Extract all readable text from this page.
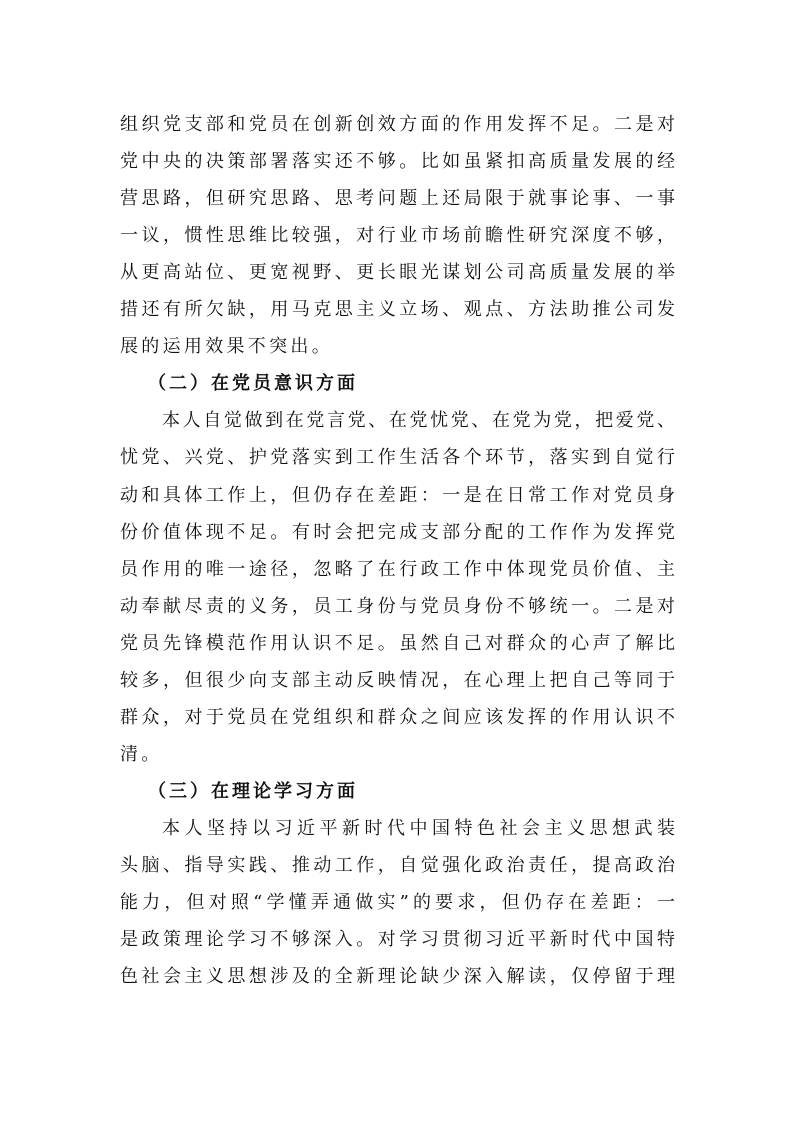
组织党支部和党员在创新创效方面的作用发挥不足。二是对
党中央的决策部署落实还不够。比如虽紧扣高质量发展的经
营思路，但研究思路、思考问题上还局限于就事论事、一事
一议，惯性思维比较强，对行业市场前瞻性研究深度不够，
从更高站位、更宽视野、更长眼光谋划公司高质量发展的举
措还有所欠缺，用马克思主义立场、观点、方法助推公司发
展的运用效果不突出。
（二）在党员意识方面
本人自觉做到在党言党、在党忧党、在党为党，把爱党、
忧党、兴党、护党落实到工作生活各个环节，落实到自觉行
动和具体工作上，但仍存在差距：一是在日常工作对党员身
份价值体现不足。有时会把完成支部分配的工作作为发挥党
员作用的唯一途径，忽略了在行政工作中体现党员价值、主
动奉献尽责的义务，员工身份与党员身份不够统一。二是对
党员先锋模范作用认识不足。虽然自己对群众的心声了解比
较多，但很少向支部主动反映情况，在心理上把自己等同于
群众，对于党员在党组织和群众之间应该发挥的作用认识不
清。
（三）在理论学习方面
本人坚持以习近平新时代中国特色社会主义思想武装
头脑、指导实践、推动工作，自觉强化政治责任，提高政治
能力，但对照“学懂弄通做实”的要求，但仍存在差距：一
是政策理论学习不够深入。对学习贯彻习近平新时代中国特
色社会主义思想涉及的全新理论缺少深入解读，仅停留于理
